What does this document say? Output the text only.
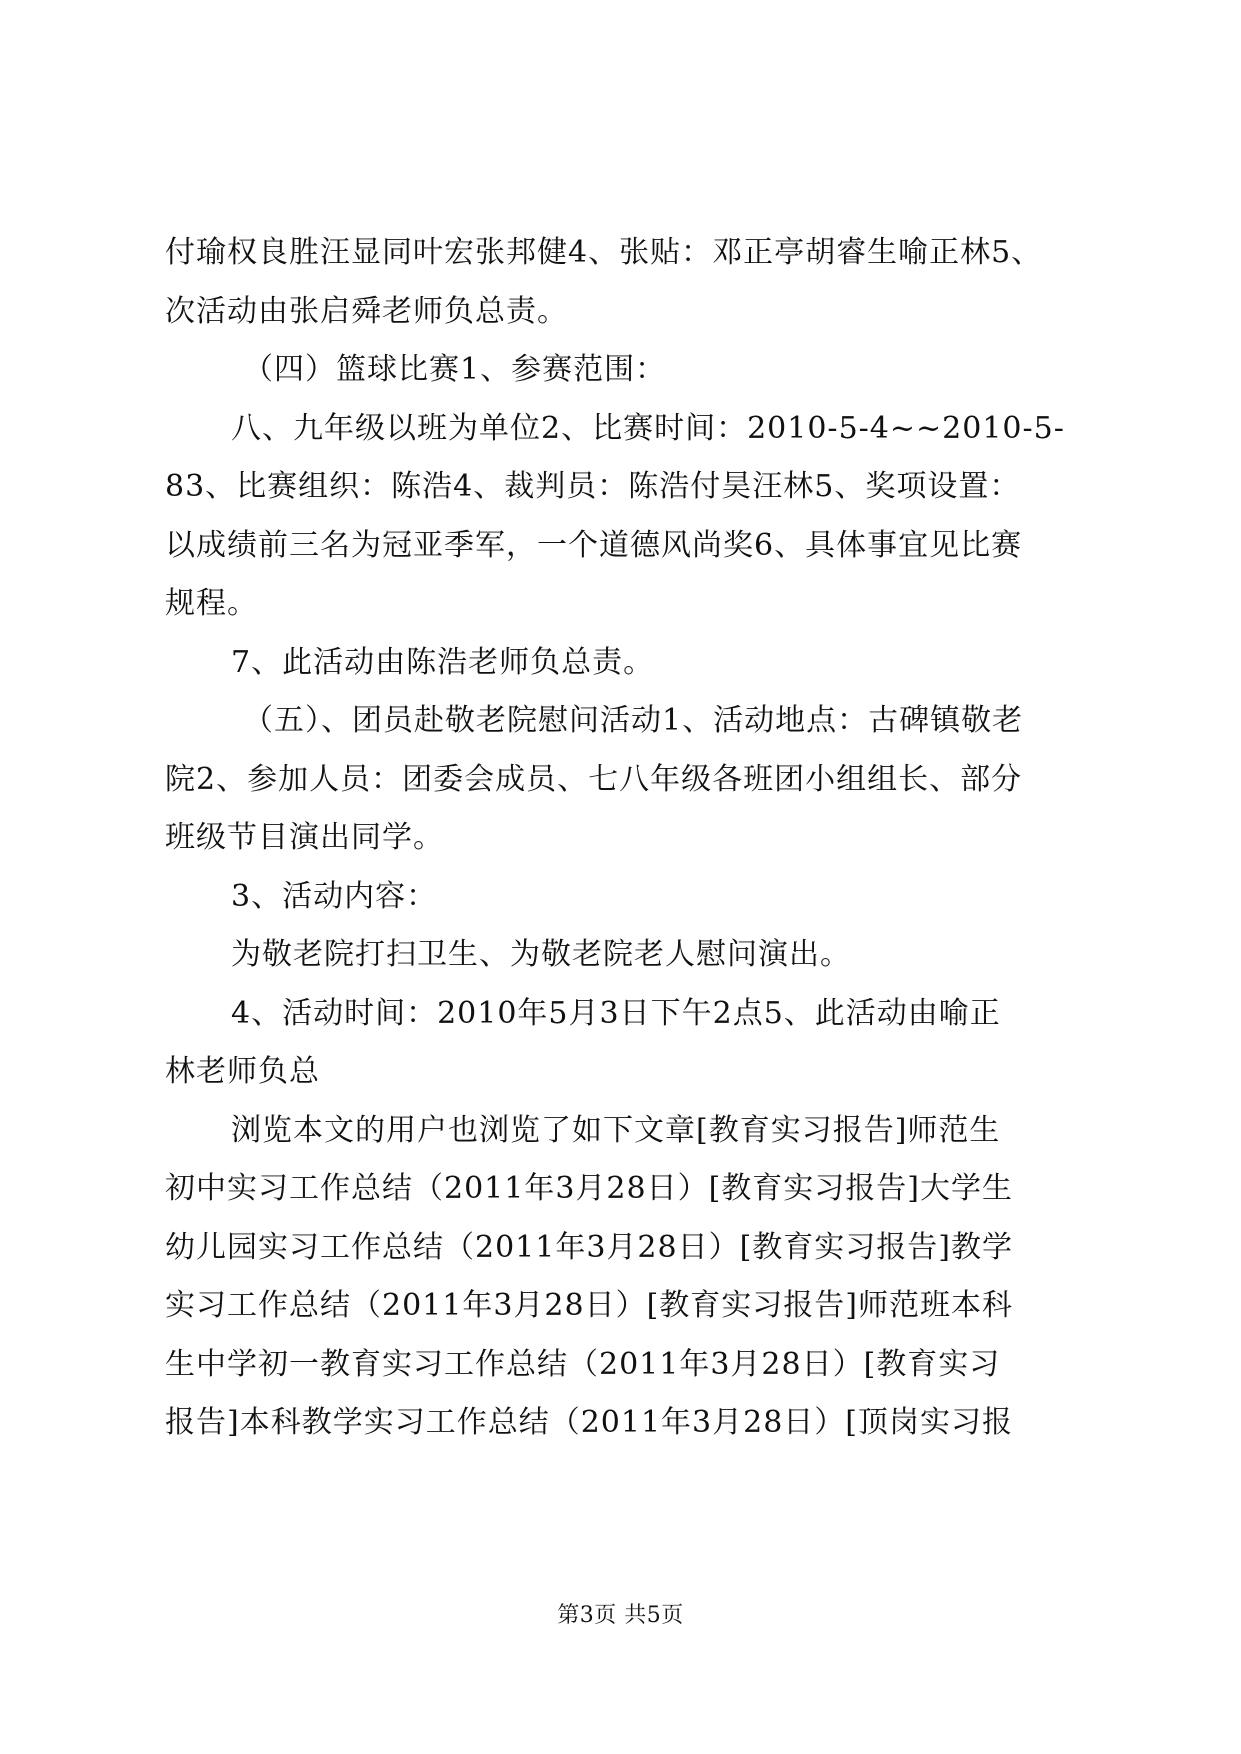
付瑜权良胜汪显同叶宏张邦健4、张贴：邓正亭胡睿生喻正林5、
次活动由张启舜老师负总责。
（四）篮球比赛1、参赛范围：
八、九年级以班为单位2、比赛时间：2010-5-4~~2010-5-
83、比赛组织：陈浩4、裁判员：陈浩付昊汪林5、奖项设置：
以成绩前三名为冠亚季军，一个道德风尚奖6、具体事宜见比赛
规程。
7、此活动由陈浩老师负总责。
（五）、团员赴敬老院慰问活动1、活动地点：古碑镇敬老
院2、参加人员：团委会成员、七八年级各班团小组组长、部分
班级节目演出同学。
3、活动内容：
为敬老院打扫卫生、为敬老院老人慰问演出。
4、活动时间：2010年5月3日下午2点5、此活动由喻正
林老师负总
浏览本文的用户也浏览了如下文章[教育实习报告]师范生
初中实习工作总结（2011年3月28日）[教育实习报告]大学生
幼儿园实习工作总结（2011年3月28日）[教育实习报告]教学
实习工作总结（2011年3月28日）[教育实习报告]师范班本科
生中学初一教育实习工作总结（2011年3月28日）[教育实习
报告]本科教学实习工作总结（2011年3月28日）[顶岗实习报
第3页 共5页
